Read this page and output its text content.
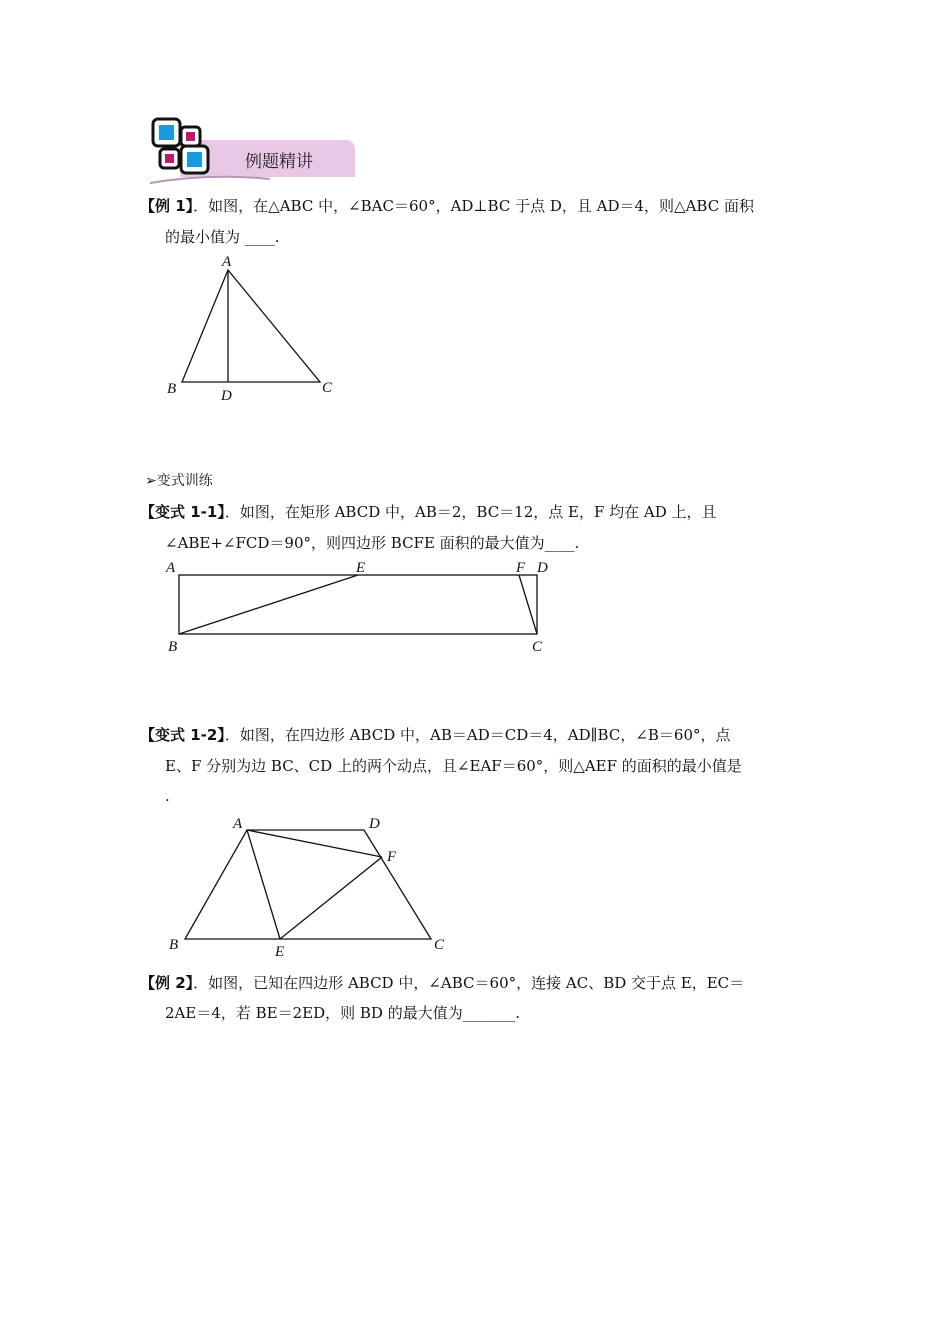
例题精讲
【例 1】．如图，在△ABC 中，∠BAC＝60°，AD⊥BC 于点 D，且 AD＝4，则△ABC 面积
的最小值为 ____.
A
B	C
D
➢变式训练
【变式 1-1】．如图，在矩形 ABCD 中，AB＝2，BC＝12，点 E，F 均在 AD 上，且
∠ABE+∠FCD＝90°，则四边形 BCFE 面积的最大值为____.
A	E	F D
B	C
【变式 1-2】．如图，在四边形 ABCD 中，AB＝AD＝CD＝4，AD∥BC，∠B＝60°，点
E、F 分别为边 BC、CD 上的两个动点，且∠EAF＝60°，则△AEF 的面积的最小值是
.
A	D
F
B	E	C
【例 2】．如图，已知在四边形 ABCD 中，∠ABC＝60°，连接 AC、BD 交于点 E，EC＝
2AE＝4，若 BE＝2ED，则 BD 的最大值为_______.
